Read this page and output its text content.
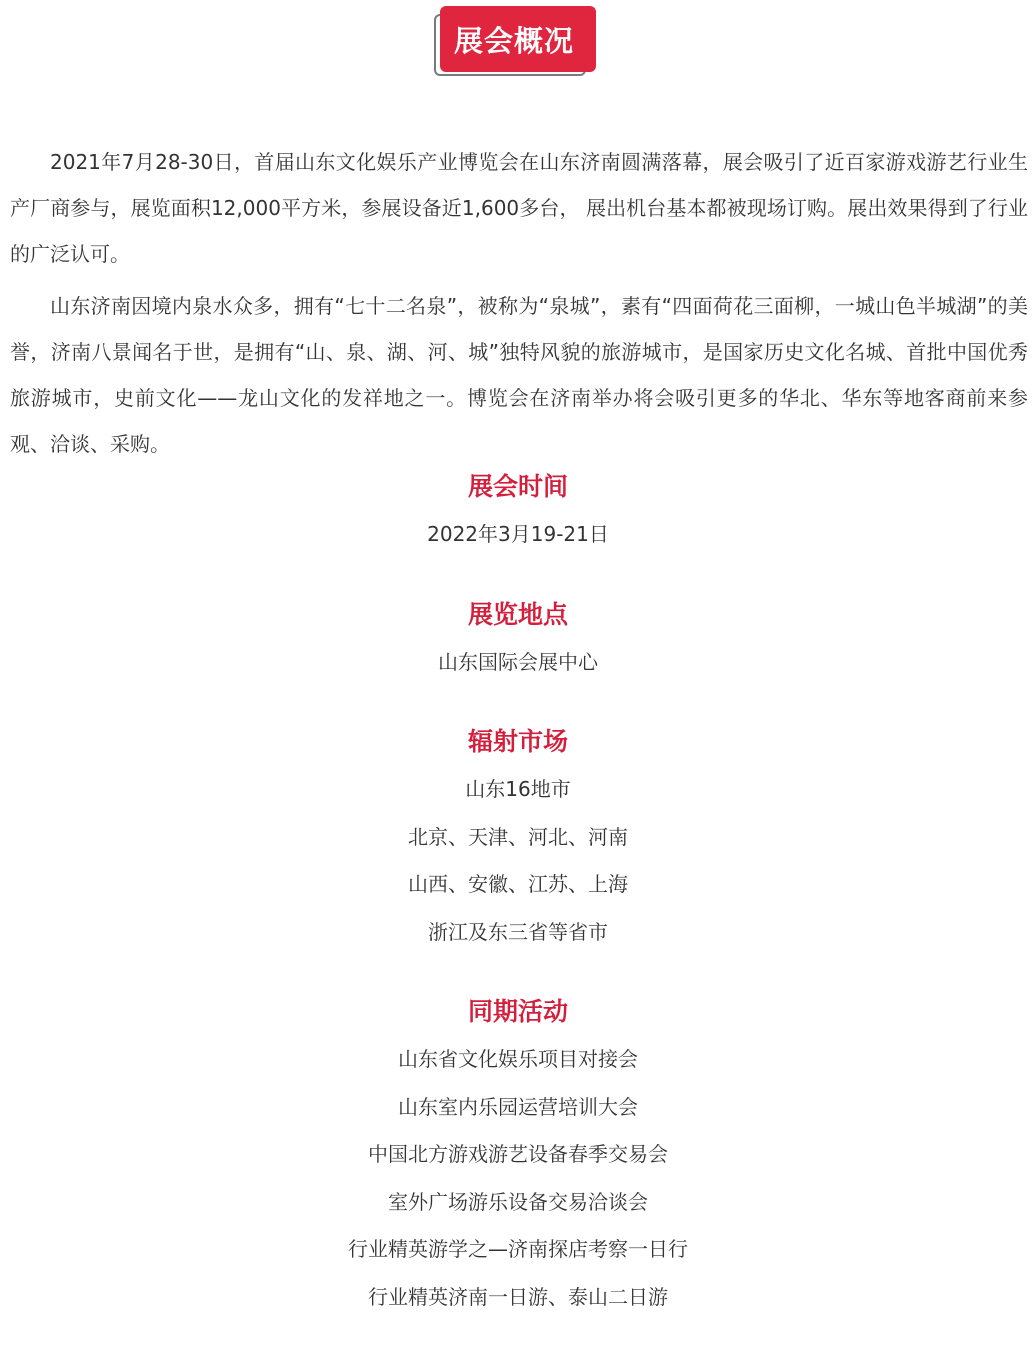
展会概况

2021年7月28-30日，首届山东文化娱乐产业博览会在山东济南圆满落幕，展会吸引了近百家游戏游艺行业生产厂商参与，展览面积12,000平方米，参展设备近1,600多台， 展出机台基本都被现场订购。展出效果得到了行业的广泛认可。

山东济南因境内泉水众多，拥有“七十二名泉”，被称为“泉城”，素有“四面荷花三面柳，一城山色半城湖”的美誉，济南八景闻名于世，是拥有“山、泉、湖、河、城”独特风貌的旅游城市，是国家历史文化名城、首批中国优秀旅游城市，史前文化——龙山文化的发祥地之一。博览会在济南举办将会吸引更多的华北、华东等地客商前来参观、洽谈、采购。

展会时间
2022年3月19-21日
展览地点
山东国际会展中心
辐射市场
山东16地市
北京、天津、河北、河南
山西、安徽、江苏、上海
浙江及东三省等省市
同期活动
山东省文化娱乐项目对接会
山东室内乐园运营培训大会
中国北方游戏游艺设备春季交易会
室外广场游乐设备交易洽谈会
行业精英游学之—济南探店考察一日行
行业精英济南一日游、泰山二日游
